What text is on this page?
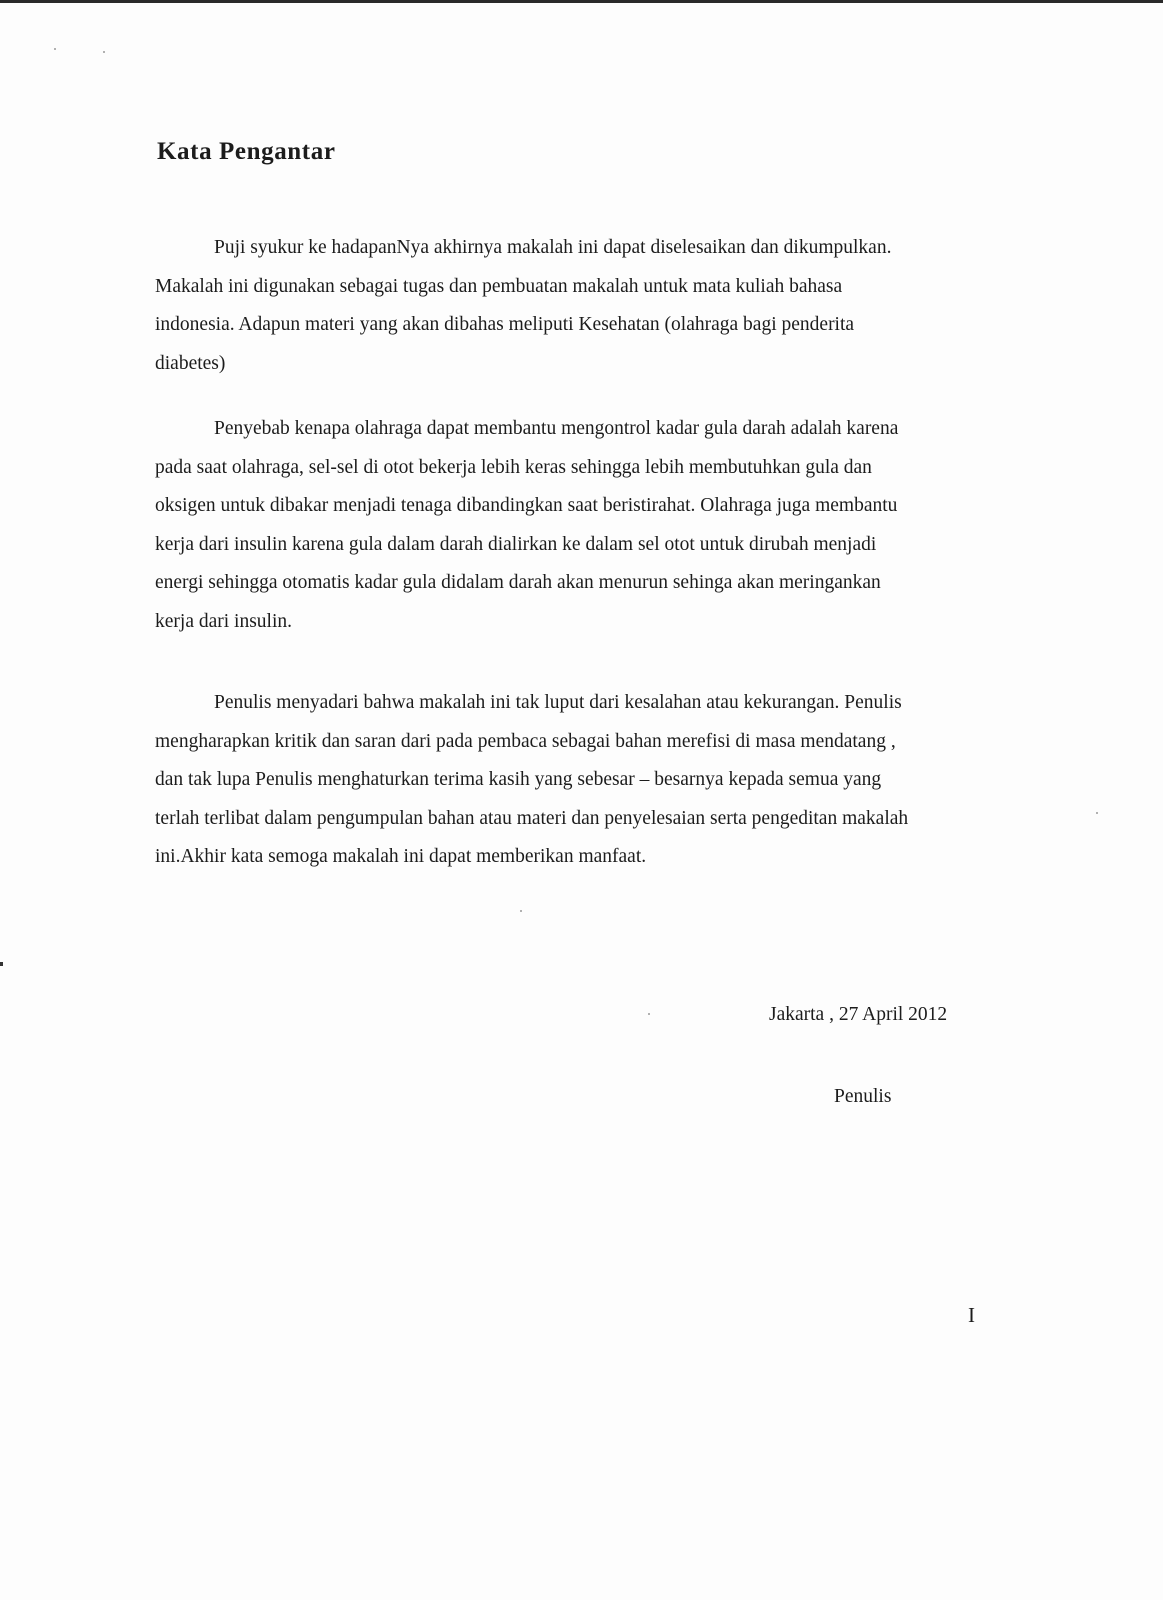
Kata Pengantar
Puji syukur ke hadapanNya akhirnya makalah ini dapat diselesaikan dan dikumpulkan.
Makalah ini digunakan sebagai tugas dan pembuatan makalah untuk mata kuliah bahasa
indonesia. Adapun materi yang akan dibahas meliputi Kesehatan (olahraga bagi penderita
diabetes)
Penyebab kenapa olahraga dapat membantu mengontrol kadar gula darah adalah karena
pada saat olahraga, sel-sel di otot bekerja lebih keras sehingga lebih membutuhkan gula dan
oksigen untuk dibakar menjadi tenaga dibandingkan saat beristirahat. Olahraga juga membantu
kerja dari insulin karena gula dalam darah dialirkan ke dalam sel otot untuk dirubah menjadi
energi sehingga otomatis kadar gula didalam darah akan menurun sehinga akan meringankan
kerja dari insulin.
Penulis menyadari bahwa makalah ini tak luput dari kesalahan atau kekurangan. Penulis
mengharapkan kritik dan saran dari pada pembaca sebagai bahan merefisi di masa mendatang ,
dan tak lupa Penulis menghaturkan terima kasih yang sebesar – besarnya kepada semua yang
terlah terlibat dalam pengumpulan bahan atau materi dan penyelesaian serta pengeditan makalah
ini.Akhir kata semoga makalah ini dapat memberikan manfaat.
Jakarta , 27 April 2012
Penulis
I
